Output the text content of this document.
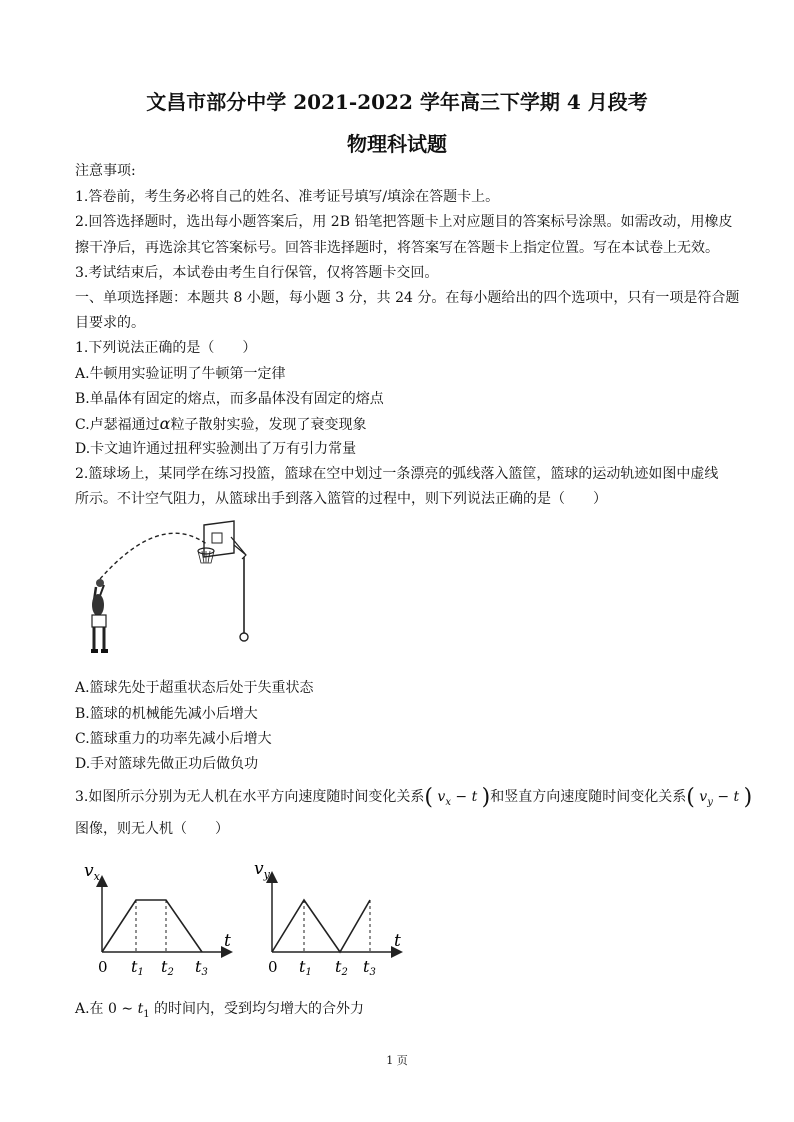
文昌市部分中学 2021-2022 学年高三下学期 4 月段考
物理科试题
注意事项:
1.答卷前，考生务必将自己的姓名、准考证号填写/填涂在答题卡上。
2.回答选择题时，选出每小题答案后，用 2B 铅笔把答题卡上对应题目的答案标号涂黑。如需改动，用橡皮
擦干净后，再选涂其它答案标号。回答非选择题时，将答案写在答题卡上指定位置。写在本试卷上无效。
3.考试结束后，本试卷由考生自行保管，仅将答题卡交回。
一、单项选择题：本题共 8 小题，每小题 3 分，共 24 分。在每小题给出的四个选项中，只有一项是符合题
目要求的。
1.下列说法正确的是（　　）
A.牛顿用实验证明了牛顿第一定律
B.单晶体有固定的熔点，而多晶体没有固定的熔点
C.卢瑟福通过α粒子散射实验，发现了衰变现象
D.卡文迪许通过扭秤实验测出了万有引力常量
2.篮球场上，某同学在练习投篮，篮球在空中划过一条漂亮的弧线落入篮筐，篮球的运动轨迹如图中虚线
所示。不计空气阻力，从篮球出手到落入篮管的过程中，则下列说法正确的是（　　）
A.篮球先处于超重状态后处于失重状态
B.篮球的机械能先减小后增大
C.篮球重力的功率先减小后增大
D.手对篮球先做正功后做负功
3.如图所示分别为无人机在水平方向速度随时间变化关系( $v_x - t$ )和竖直方向速度随时间变化关系( $v_y - t$ )
图像，则无人机（　　）
$v_x$
t
0 t1 t2 t3
$v_y$
t
0 t1 t2 t3
A.在 0 ∼ $t_1$ 的时间内，受到均匀增大的合外力
1 页
